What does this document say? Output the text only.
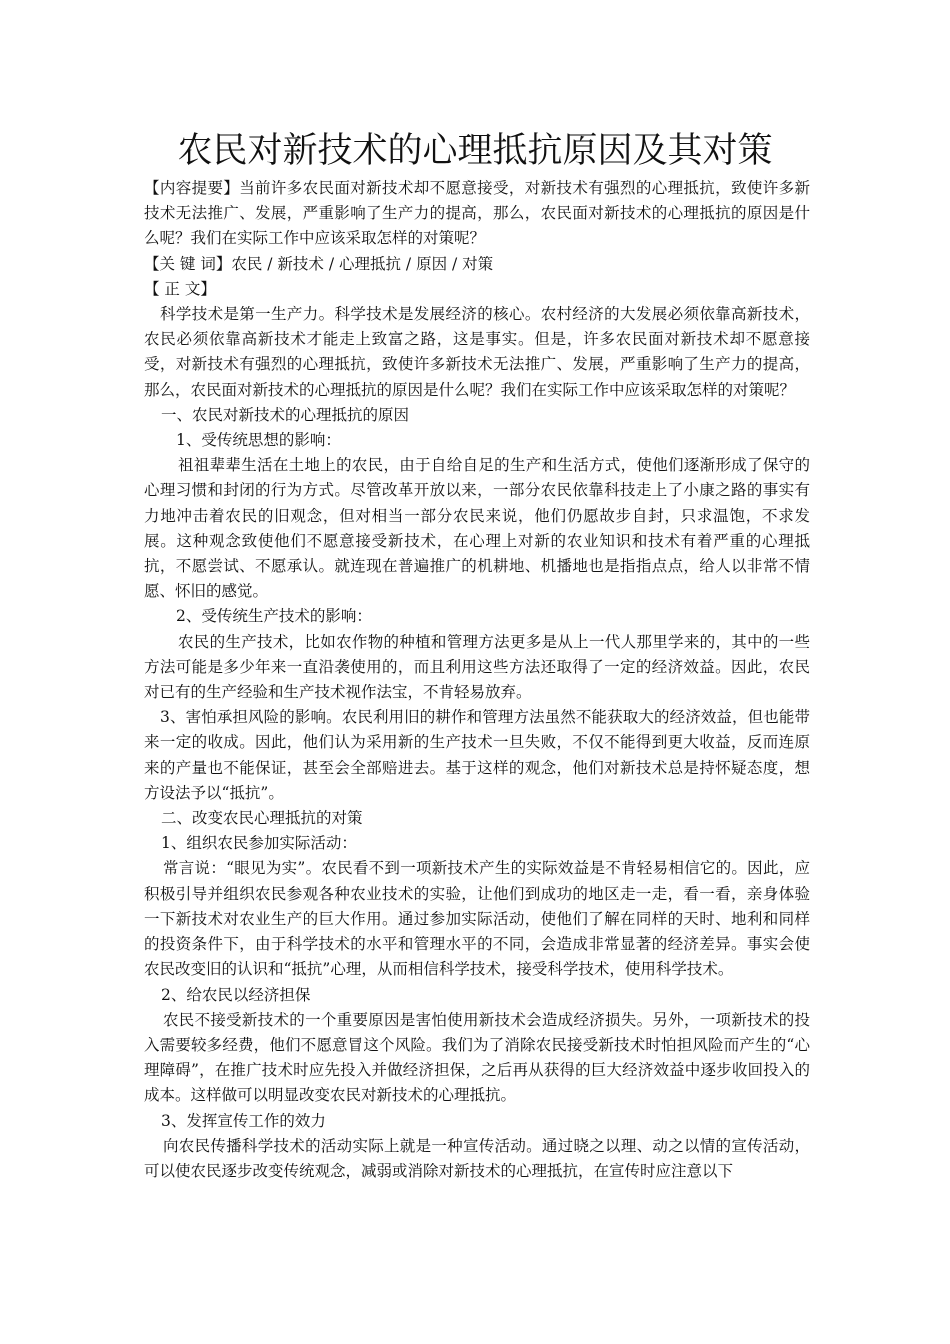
农民对新技术的心理抵抗原因及其对策

【内容提要】当前许多农民面对新技术却不愿意接受，对新技术有强烈的心理抵抗，致使许多新技术无法推广、发展，严重影响了生产力的提高，那么，农民面对新技术的心理抵抗的原因是什么呢？我们在实际工作中应该采取怎样的对策呢？

【关 键 词】农民 / 新技术 / 心理抵抗 / 原因 / 对策

【 正 文】

科学技术是第一生产力。科学技术是发展经济的核心。农村经济的大发展必须依靠高新技术，农民必须依靠高新技术才能走上致富之路，这是事实。但是，许多农民面对新技术却不愿意接受，对新技术有强烈的心理抵抗，致使许多新技术无法推广、发展，严重影响了生产力的提高，那么，农民面对新技术的心理抵抗的原因是什么呢？我们在实际工作中应该采取怎样的对策呢？

一、农民对新技术的心理抵抗的原因

1、受传统思想的影响：

祖祖辈辈生活在土地上的农民，由于自给自足的生产和生活方式，使他们逐渐形成了保守的心理习惯和封闭的行为方式。尽管改革开放以来，一部分农民依靠科技走上了小康之路的事实有力地冲击着农民的旧观念，但对相当一部分农民来说，他们仍愿故步自封，只求温饱，不求发展。这种观念致使他们不愿意接受新技术，在心理上对新的农业知识和技术有着严重的心理抵抗，不愿尝试、不愿承认。就连现在普遍推广的机耕地、机播地也是指指点点，给人以非常不情愿、怀旧的感觉。

2、受传统生产技术的影响：

农民的生产技术，比如农作物的种植和管理方法更多是从上一代人那里学来的，其中的一些方法可能是多少年来一直沿袭使用的，而且利用这些方法还取得了一定的经济效益。因此，农民对已有的生产经验和生产技术视作法宝，不肯轻易放弃。

3、害怕承担风险的影响。农民利用旧的耕作和管理方法虽然不能获取大的经济效益，但也能带来一定的收成。因此，他们认为采用新的生产技术一旦失败，不仅不能得到更大收益，反而连原来的产量也不能保证，甚至会全部赔进去。基于这样的观念，他们对新技术总是持怀疑态度，想方设法予以“抵抗”。

二、改变农民心理抵抗的对策

1、组织农民参加实际活动：

常言说：“眼见为实”。农民看不到一项新技术产生的实际效益是不肯轻易相信它的。因此，应积极引导并组织农民参观各种农业技术的实验，让他们到成功的地区走一走，看一看，亲身体验一下新技术对农业生产的巨大作用。通过参加实际活动，使他们了解在同样的天时、地利和同样的投资条件下，由于科学技术的水平和管理水平的不同，会造成非常显著的经济差异。事实会使农民改变旧的认识和“抵抗”心理，从而相信科学技术，接受科学技术，使用科学技术。

2、给农民以经济担保

农民不接受新技术的一个重要原因是害怕使用新技术会造成经济损失。另外，一项新技术的投入需要较多经费，他们不愿意冒这个风险。我们为了消除农民接受新技术时怕担风险而产生的“心理障碍”，在推广技术时应先投入并做经济担保，之后再从获得的巨大经济效益中逐步收回投入的成本。这样做可以明显改变农民对新技术的心理抵抗。

3、发挥宣传工作的效力

向农民传播科学技术的活动实际上就是一种宣传活动。通过晓之以理、动之以情的宣传活动，可以使农民逐步改变传统观念，减弱或消除对新技术的心理抵抗，在宣传时应注意以下
